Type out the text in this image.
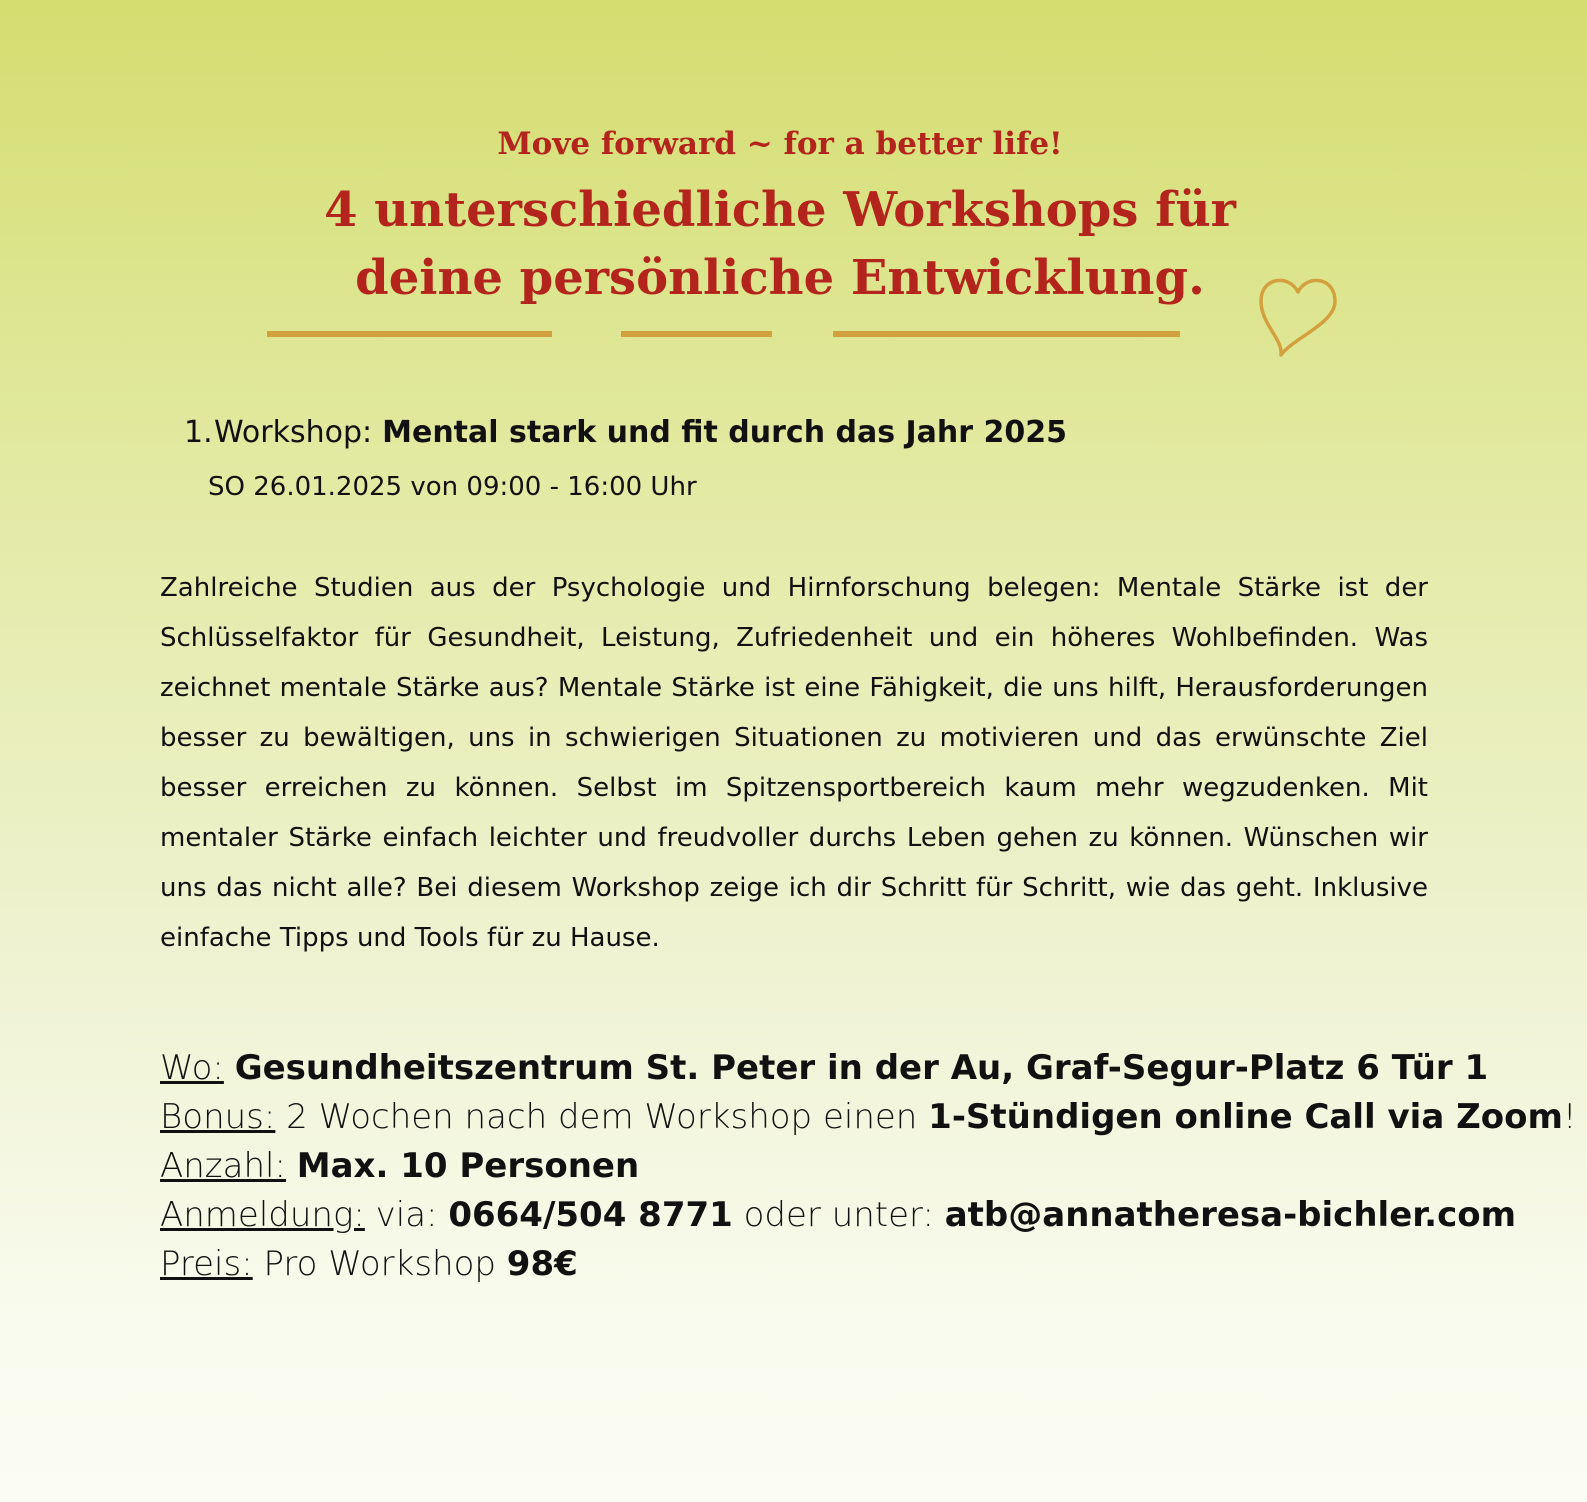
Move forward ~ for a better life!
4 unterschiedliche Workshops für
deine persönliche Entwicklung.
1.Workshop: Mental stark und fit durch das Jahr 2025
SO 26.01.2025 von 09:00 - 16:00 Uhr
Zahlreiche Studien aus der Psychologie und Hirnforschung belegen: Mentale Stärke ist der Schlüsselfaktor für Gesundheit, Leistung, Zufriedenheit und ein höheres Wohlbefinden. Was zeichnet mentale Stärke aus? Mentale Stärke ist eine Fähigkeit, die uns hilft, Herausforderungen besser zu bewältigen, uns in schwierigen Situationen zu motivieren und das erwünschte Ziel besser erreichen zu können. Selbst im Spitzensportbereich kaum mehr wegzudenken. Mit mentaler Stärke einfach leichter und freudvoller durchs Leben gehen zu können. Wünschen wir uns das nicht alle? Bei diesem Workshop zeige ich dir Schritt für Schritt, wie das geht. Inklusive einfache Tipps und Tools für zu Hause.
Wo: Gesundheitszentrum St. Peter in der Au, Graf-Segur-Platz 6 Tür 1
Bonus: 2 Wochen nach dem Workshop einen 1-Stündigen online Call via Zoom!
Anzahl: Max. 10 Personen
Anmeldung: via: 0664/504 8771 oder unter: atb@annatheresa-bichler.com
Preis: Pro Workshop 98€
